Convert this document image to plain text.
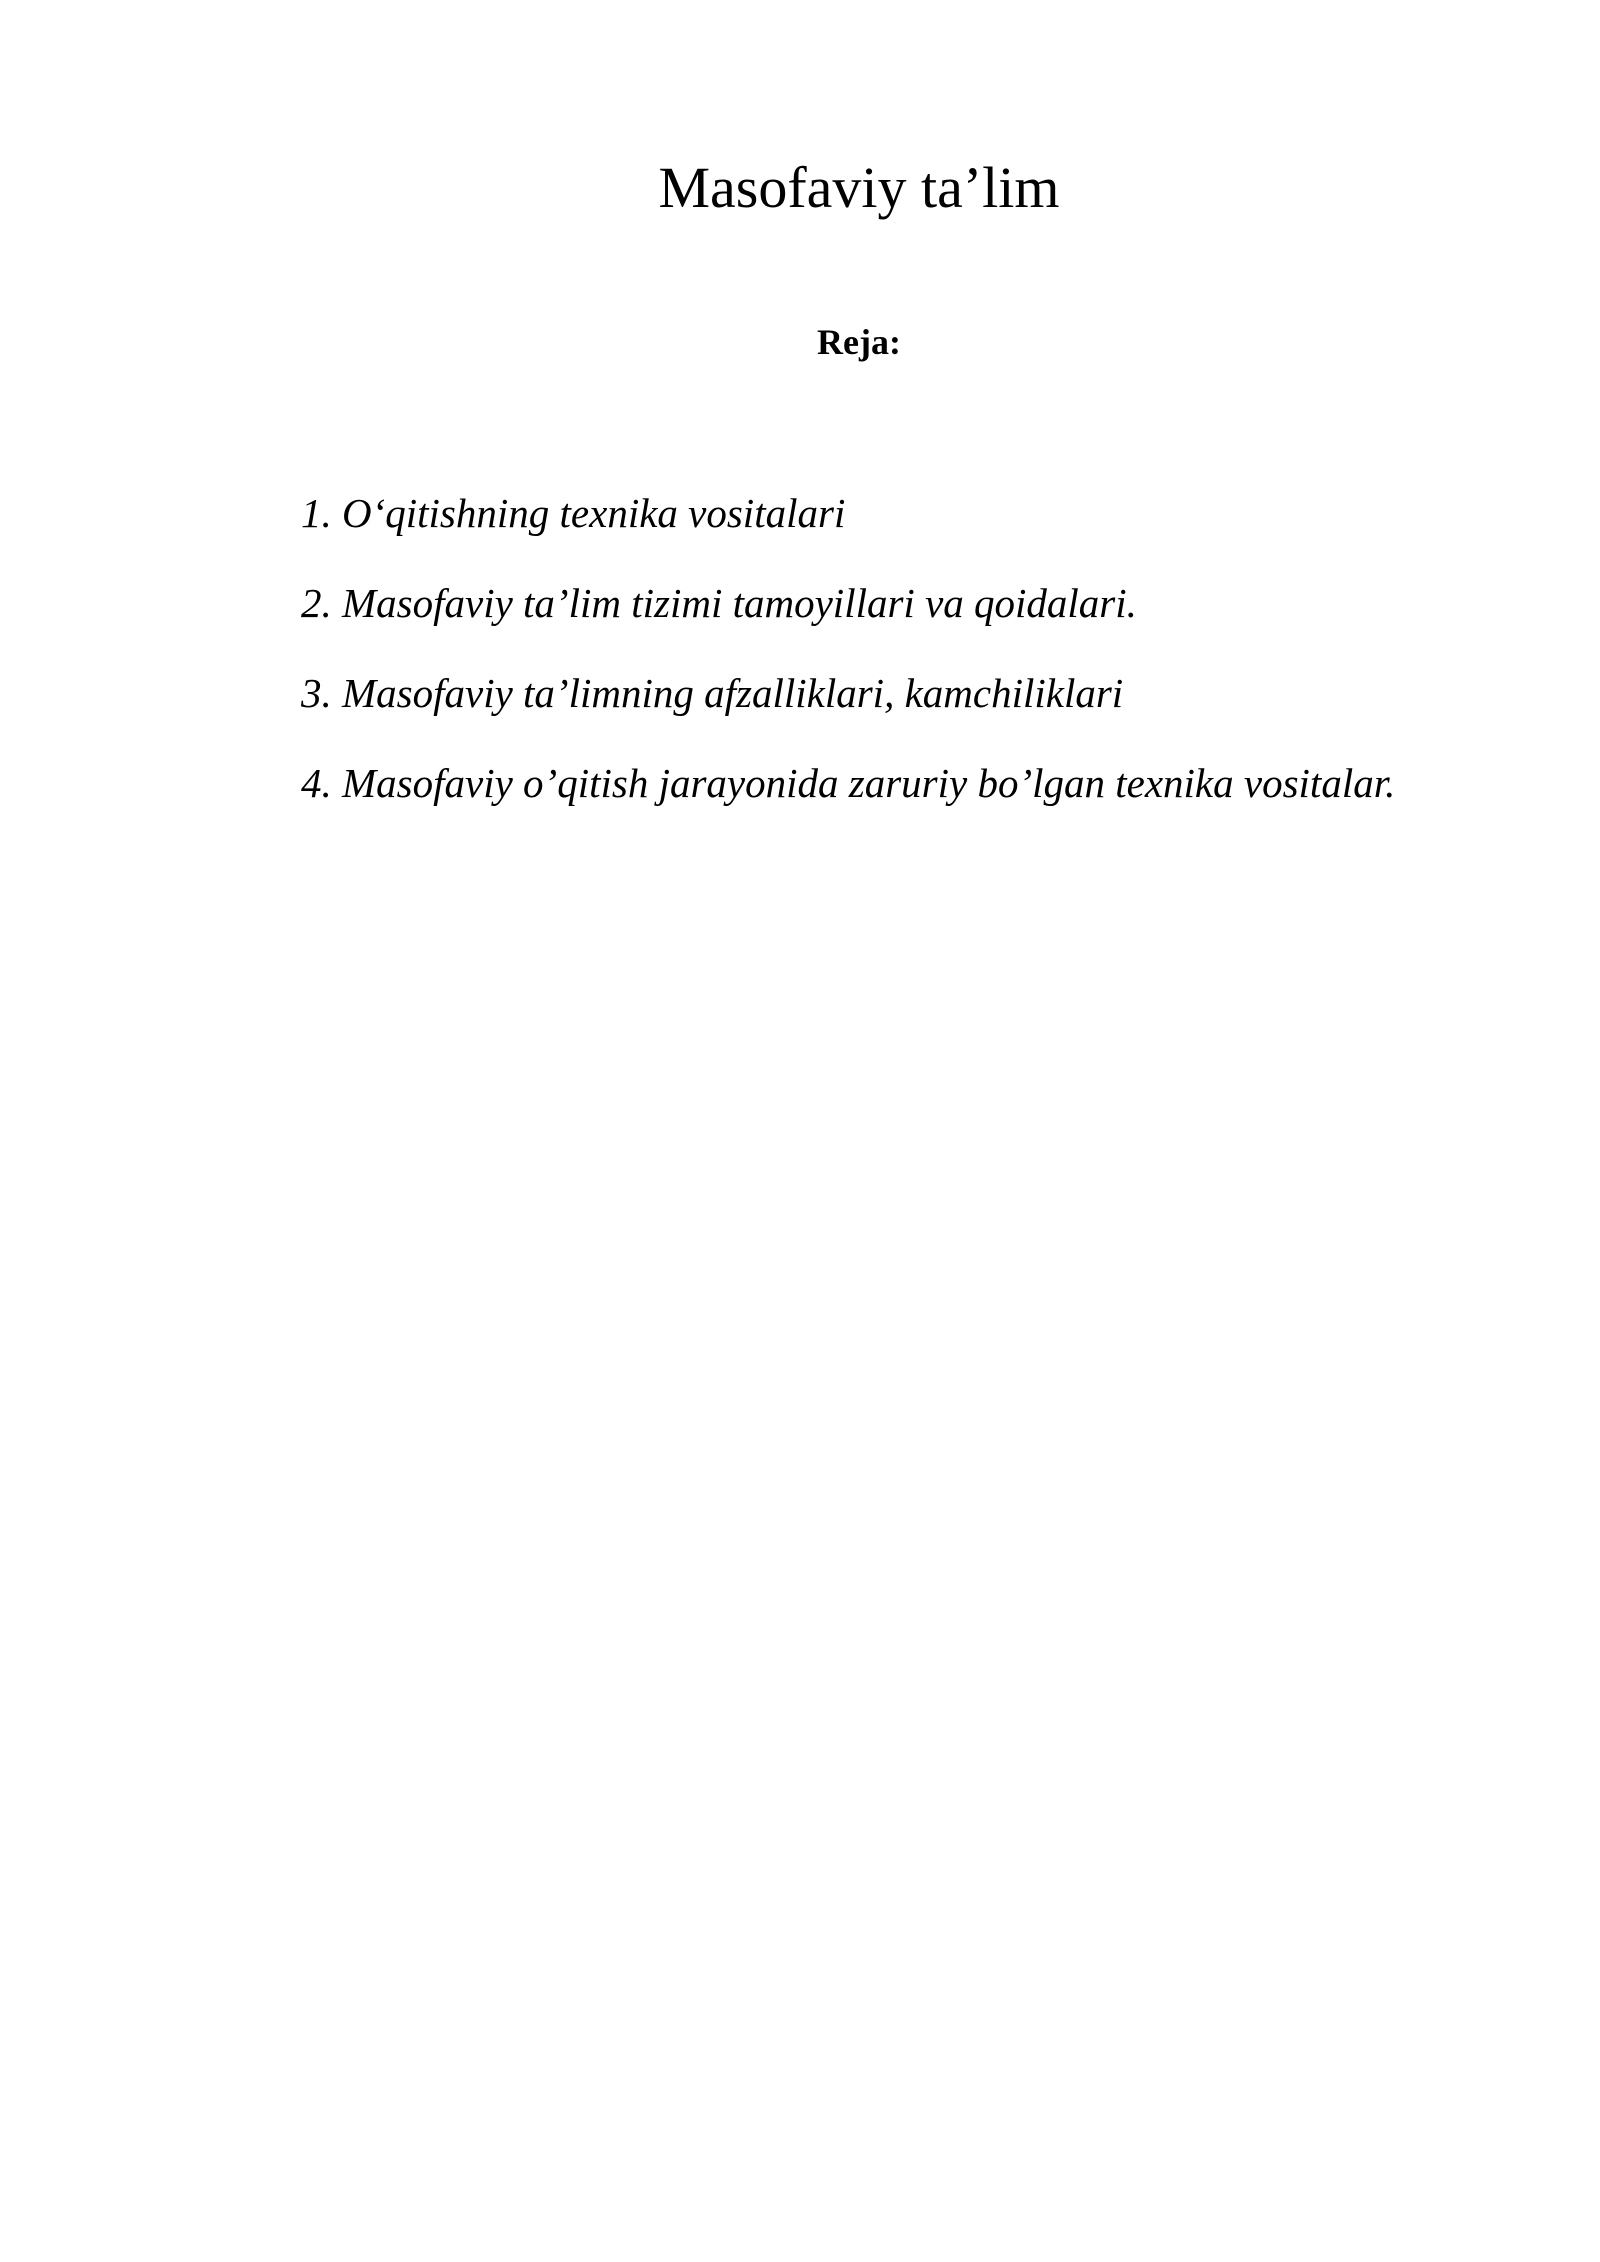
Masofaviy ta’lim
Reja:
1. O‘qitishning texnika vositalari
2. Masofaviy ta’lim tizimi tamoyillari va qoidalari.
3. Masofaviy ta’limning afzalliklari, kamchiliklari
4. Masofaviy o’qitish jarayonida zaruriy bo’lgan texnika vositalar.
